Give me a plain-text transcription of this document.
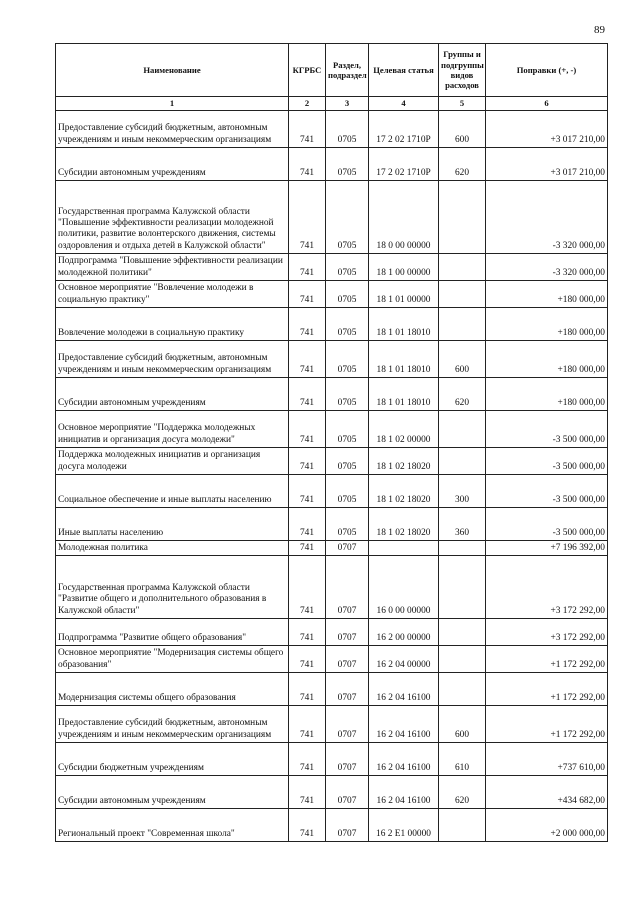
89
Наименование	КГРБС	Раздел, подраздел	Целевая статья	Группы и подгруппы видов расходов	Поправки (+, -)
1	2	3	4	5	6
Предоставление субсидий бюджетным, автономным учреждениям и иным некоммерческим организациям	741	0705	17 2 02 1710P	600	+3 017 210,00
Субсидии автономным учреждениям	741	0705	17 2 02 1710P	620	+3 017 210,00
Государственная программа Калужской области "Повышение эффективности реализации молодежной политики, развитие волонтерского движения, системы оздоровления и отдыха детей в Калужской области"	741	0705	18 0 00 00000		-3 320 000,00
Подпрограмма "Повышение эффективности реализации молодежной политики"	741	0705	18 1 00 00000		-3 320 000,00
Основное мероприятие "Вовлечение молодежи в социальную практику"	741	0705	18 1 01 00000		+180 000,00
Вовлечение молодежи в социальную практику	741	0705	18 1 01 18010		+180 000,00
Предоставление субсидий бюджетным, автономным учреждениям и иным некоммерческим организациям	741	0705	18 1 01 18010	600	+180 000,00
Субсидии автономным учреждениям	741	0705	18 1 01 18010	620	+180 000,00
Основное мероприятие "Поддержка молодежных инициатив и организация досуга молодежи"	741	0705	18 1 02 00000		-3 500 000,00
Поддержка молодежных инициатив и организация досуга молодежи	741	0705	18 1 02 18020		-3 500 000,00
Социальное обеспечение и иные выплаты населению	741	0705	18 1 02 18020	300	-3 500 000,00
Иные выплаты населению	741	0705	18 1 02 18020	360	-3 500 000,00
Молодежная политика	741	0707			+7 196 392,00
Государственная программа Калужской области "Развитие общего и дополнительного образования в Калужской области"	741	0707	16 0 00 00000		+3 172 292,00
Подпрограмма "Развитие общего образования"	741	0707	16 2 00 00000		+3 172 292,00
Основное мероприятие "Модернизация системы общего образования"	741	0707	16 2 04 00000		+1 172 292,00
Модернизация системы общего образования	741	0707	16 2 04 16100		+1 172 292,00
Предоставление субсидий бюджетным, автономным учреждениям и иным некоммерческим организациям	741	0707	16 2 04 16100	600	+1 172 292,00
Субсидии бюджетным учреждениям	741	0707	16 2 04 16100	610	+737 610,00
Субсидии автономным учреждениям	741	0707	16 2 04 16100	620	+434 682,00
Региональный проект "Современная школа"	741	0707	16 2 E1 00000		+2 000 000,00
